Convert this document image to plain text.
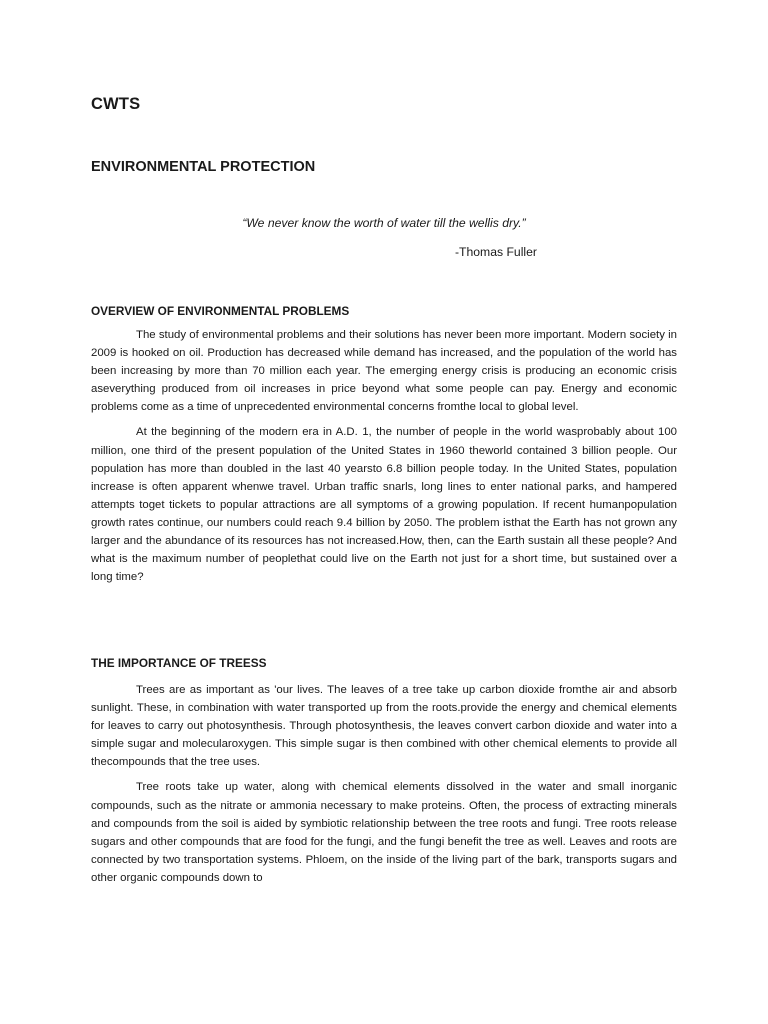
CWTS
ENVIRONMENTAL PROTECTION

“We never know the worth of water till the wellis dry.”

-Thomas Fuller

OVERVIEW OF ENVIRONMENTAL PROBLEMS

The study of environmental problems and their solutions has never been more important. Modern society in 2009 is hooked on oil. Production has decreased while demand has increased, and the population of the world has been increasing by more than 70 million each year. The emerging energy crisis is producing an economic crisis aseverything produced from oil increases in price beyond what some people can pay. Energy and economic problems come as a time of unprecedented environmental concerns fromthe local to global level.

At the beginning of the modern era in A.D. 1, the number of people in the world wasprobably about 100 million, one third of the present population of the United States in 1960 theworld contained 3 billion people. Our population has more than doubled in the last 40 yearsto 6.8 billion people today. In the United States, population increase is often apparent whenwe travel. Urban traffic snarls, long lines to enter national parks, and hampered attempts toget tickets to popular attractions are all symptoms of a growing population. If recent humanpopulation growth rates continue, our numbers could reach 9.4 billion by 2050. The problem isthat the Earth has not grown any larger and the abundance of its resources has not increased.How, then, can the Earth sustain all these people? And what is the maximum number of peoplethat could live on the Earth not just for a short time, but sustained over a long time?

THE IMPORTANCE OF TREESS

Trees are as important as 'our lives. The leaves of a tree take up carbon dioxide fromthe air and absorb sunlight. These, in combination with water transported up from the roots.provide the energy and chemical elements for leaves to carry out photosynthesis. Through photosynthesis, the leaves convert carbon dioxide and water into a simple sugar and molecularoxygen. This simple sugar is then combined with other chemical elements to provide all thecompounds that the tree uses.

Tree roots take up water, along with chemical elements dissolved in the water and small inorganic compounds, such as the nitrate or ammonia necessary to make proteins. Often, the process of extracting minerals and compounds from the soil is aided by symbiotic relationship between the tree roots and fungi. Tree roots release sugars and other compounds that are food for the fungi, and the fungi benefit the tree as well. Leaves and roots are connected by two transportation systems. Phloem, on the inside of the living part of the bark, transports sugars and other organic compounds down to
